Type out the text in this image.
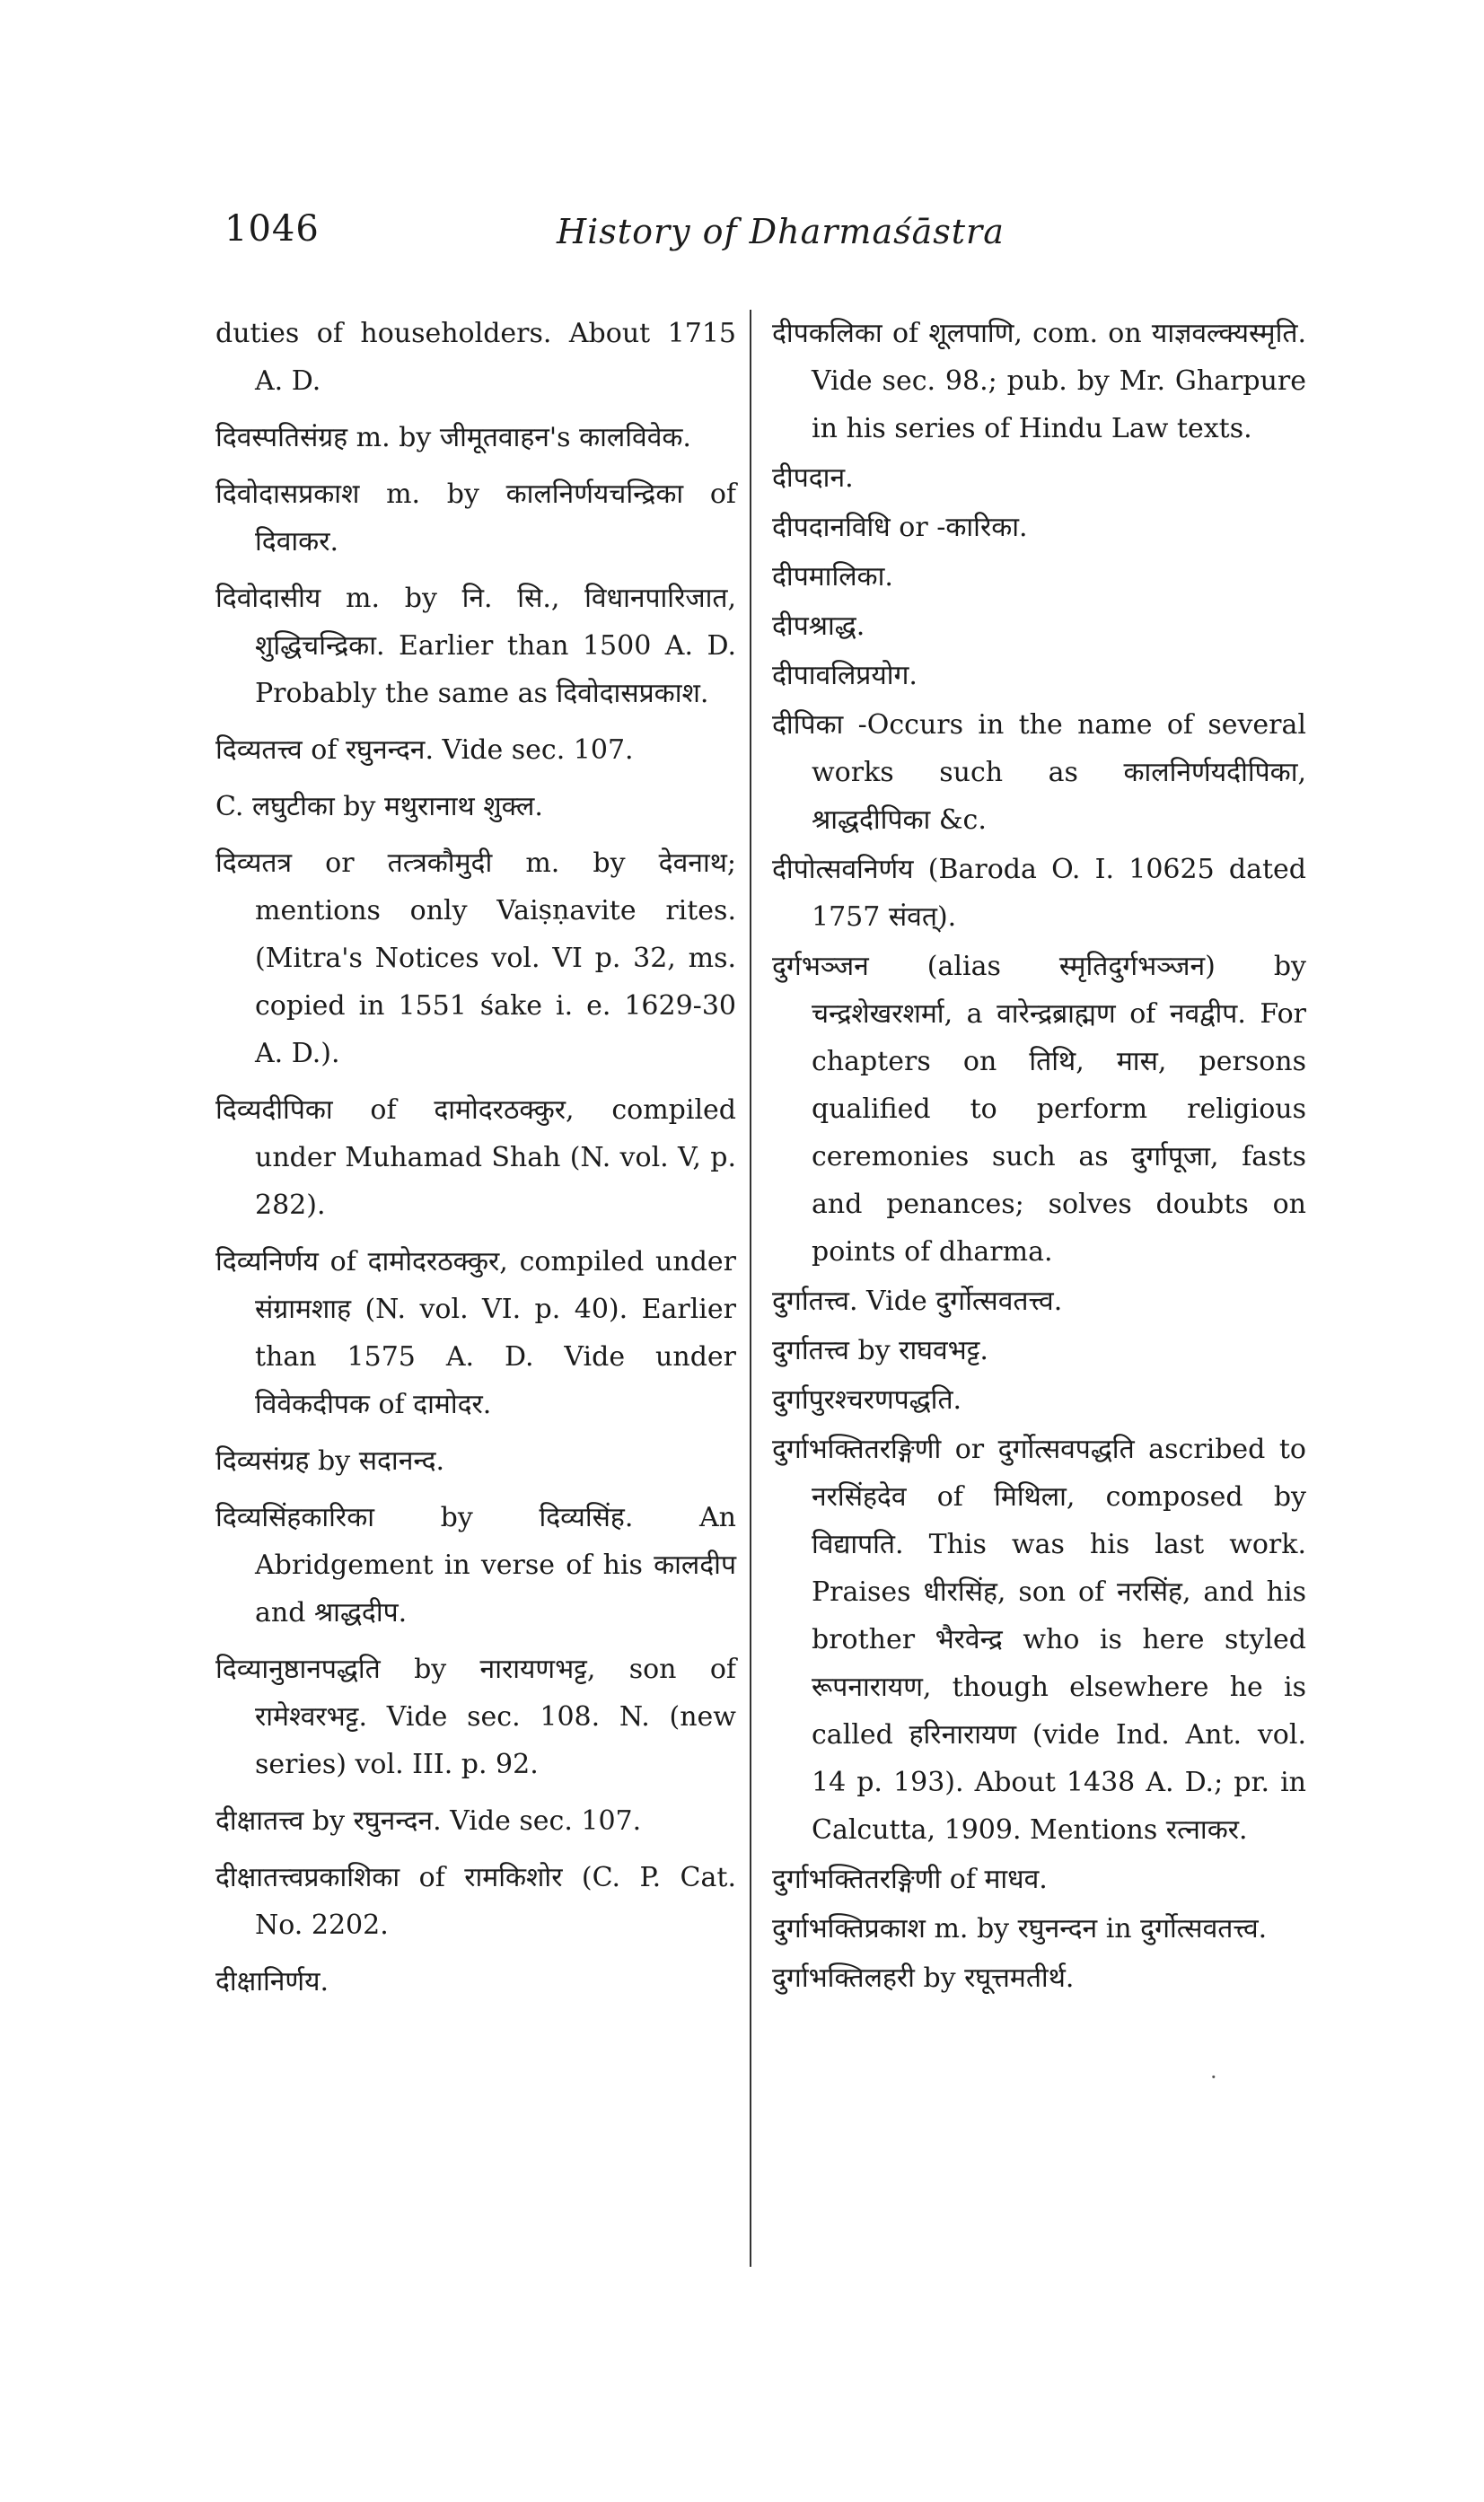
1046	History of Dharmaśāstra

duties of householders. About 1715 A. D.

दिवस्पतिसंग्रह m. by जीमूतवाहन's कालविवेक.

दिवोदासप्रकाश m. by कालनिर्णयचन्द्रिका of दिवाकर.

दिवोदासीय m. by नि. सि., विधानपारिजात, शुद्धिचन्द्रिका. Earlier than 1500 A. D. Probably the same as दिवोदासप्रकाश.

दिव्यतत्त्व of रघुनन्दन. Vide sec. 107.

C. लघुटीका by मथुरानाथ शुक्ल.

दिव्यतत्र or तत्त्रकौमुदी m. by देवनाथ; mentions only Vaiṣṇavite rites. (Mitra's Notices vol. VI p. 32, ms. copied in 1551 śake i. e. 1629-30 A. D.).

दिव्यदीपिका of दामोदरठक्कुर, compiled under Muhamad Shah (N. vol. V, p. 282).

दिव्यनिर्णय of दामोदरठक्कुर, compiled under संग्रामशाह (N. vol. VI. p. 40). Earlier than 1575 A. D. Vide under विवेकदीपक of दामोदर.

दिव्यसंग्रह by सदानन्द.

दिव्यसिंहकारिका by दिव्यसिंह. An Abridgement in verse of his कालदीप and श्राद्धदीप.

दिव्यानुष्ठानपद्धति by नारायणभट्ट, son of रामेश्वरभट्ट. Vide sec. 108. N. (new series) vol. III. p. 92.

दीक्षातत्त्व by रघुनन्दन. Vide sec. 107.

दीक्षातत्त्वप्रकाशिका of रामकिशोर (C. P. Cat. No. 2202.

दीक्षानिर्णय.

दीपकलिका of शूलपाणि, com. on याज्ञवल्क्यस्मृति. Vide sec. 98.; pub. by Mr. Gharpure in his series of Hindu Law texts.

दीपदान.

दीपदानविधि or -कारिका.

दीपमालिका.

दीपश्राद्ध.

दीपावलिप्रयोग.

दीपिका -Occurs in the name of several works such as कालनिर्णयदीपिका, श्राद्धदीपिका &c.

दीपोत्सवनिर्णय (Baroda O. I. 10625 dated 1757 संवत्).

दुर्गभञ्जन (alias स्मृतिदुर्गभञ्जन) by चन्द्रशेखरशर्मा, a वारेन्द्रब्राह्मण of नवद्वीप. For chapters on तिथि, मास, persons qualified to perform religious ceremonies such as दुर्गापूजा, fasts and penances; solves doubts on points of dharma.

दुर्गातत्त्व. Vide दुर्गोत्सवतत्त्व.

दुर्गातत्त्व by राघवभट्ट.

दुर्गापुरश्चरणपद्धति.

दुर्गाभक्तितरङ्गिणी or दुर्गोत्सवपद्धति ascribed to नरसिंहदेव of मिथिला, composed by विद्यापति. This was his last work. Praises धीरसिंह, son of नरसिंह, and his brother भैरवेन्द्र who is here styled रूपनारायण, though elsewhere he is called हरिनारायण (vide Ind. Ant. vol. 14 p. 193). About 1438 A. D.; pr. in Calcutta, 1909. Mentions रत्नाकर.

दुर्गाभक्तितरङ्गिणी of माधव.

दुर्गाभक्तिप्रकाश m. by रघुनन्दन in दुर्गोत्सवतत्त्व.

दुर्गाभक्तिलहरी by रघूत्तमतीर्थ.

·
